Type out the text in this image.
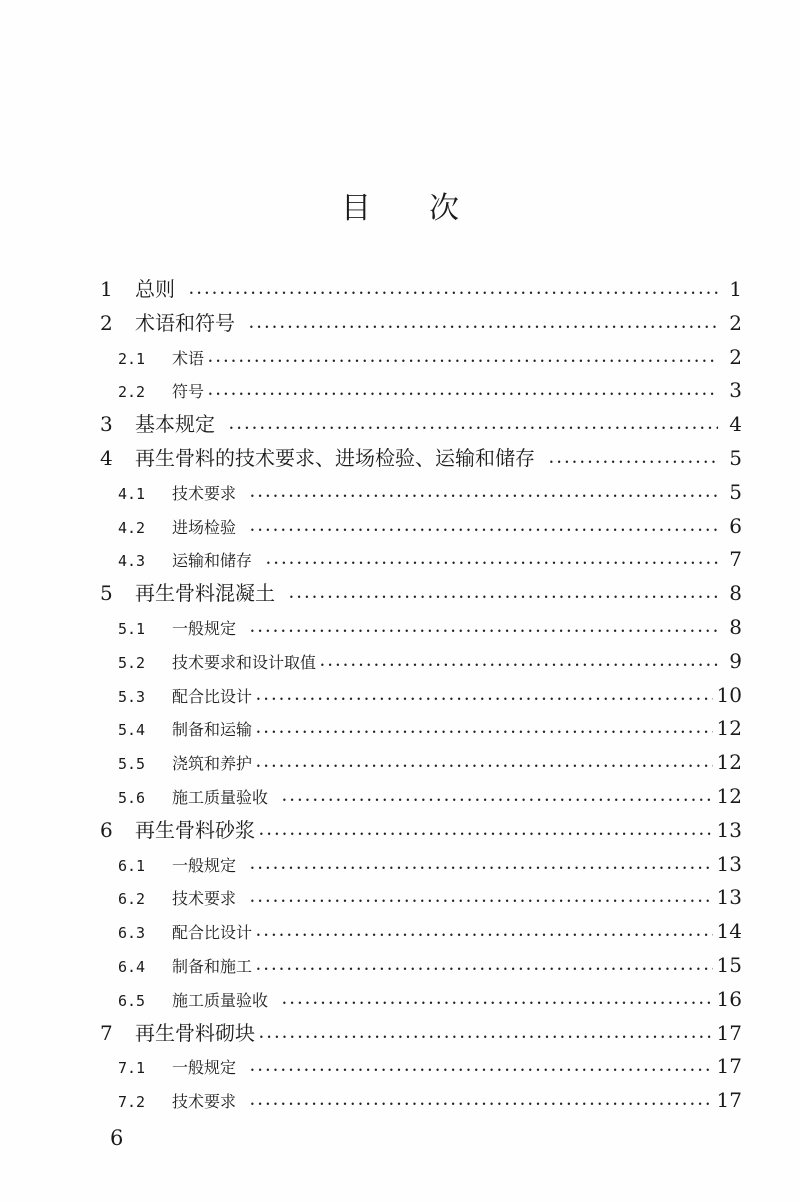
目次
1	总则 •••••	1
2	术语和符号 •••••	2
2.1	术语 •••••	2
2.2	符号 •••••	3
3	基本规定 •••••	4
4	再生骨料的技术要求、进场检验、运输和储存 •••••	5
4.1	技术要求 •••••	5
4.2	进场检验 •••••	6
4.3	运输和储存 •••••	7
5	再生骨料混凝土 •••••	8
5.1	一般规定 •••••	8
5.2	技术要求和设计取值 •••••	9
5.3	配合比设计 •••••	10
5.4	制备和运输 •••••	12
5.5	浇筑和养护 •••••	12
5.6	施工质量验收 •••••	12
6	再生骨料砂浆 •••••	13
6.1	一般规定 •••••	13
6.2	技术要求 •••••	13
6.3	配合比设计 •••••	14
6.4	制备和施工 •••••	15
6.5	施工质量验收 •••••	16
7	再生骨料砌块 •••••	17
7.1	一般规定 •••••	17
7.2	技术要求 •••••	17
6
